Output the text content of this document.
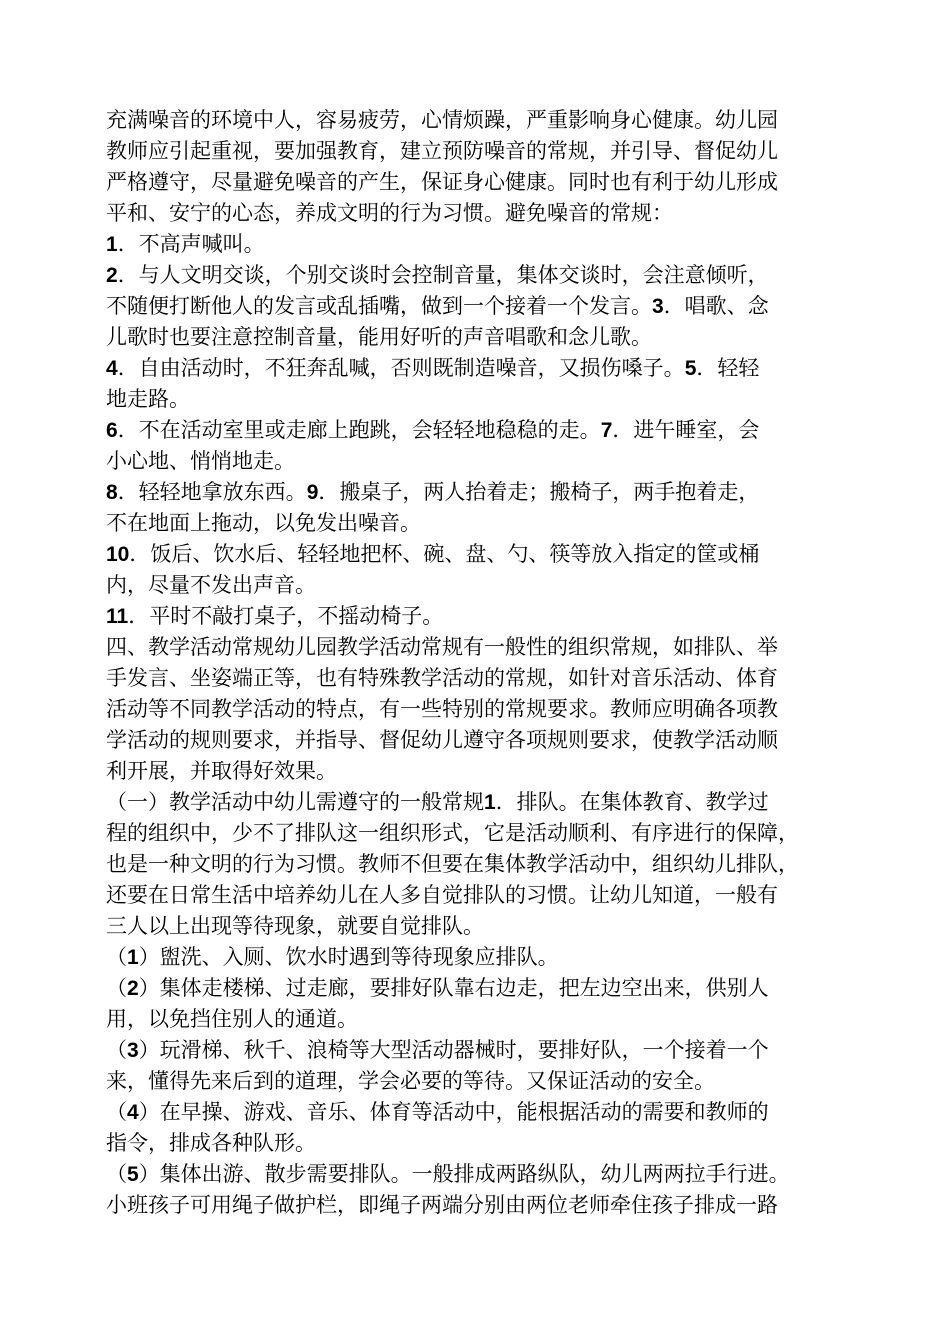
充满噪音的环境中人，容易疲劳，心情烦躁，严重影响身心健康。幼儿园
教师应引起重视，要加强教育，建立预防噪音的常规，并引导、督促幼儿
严格遵守，尽量避免噪音的产生，保证身心健康。同时也有利于幼儿形成
平和、安宁的心态，养成文明的行为习惯。避免噪音的常规：

1．不高声喊叫。

2．与人文明交谈，个别交谈时会控制音量，集体交谈时，会注意倾听，
不随便打断他人的发言或乱插嘴，做到一个接着一个发言。3．唱歌、念
儿歌时也要注意控制音量，能用好听的声音唱歌和念儿歌。

4．自由活动时，不狂奔乱喊，否则既制造噪音，又损伤嗓子。5．轻轻
地走路。

6．不在活动室里或走廊上跑跳，会轻轻地稳稳的走。7．进午睡室，会
小心地、悄悄地走。

8．轻轻地拿放东西。9．搬桌子，两人抬着走；搬椅子，两手抱着走，
不在地面上拖动，以免发出噪音。

10．饭后、饮水后、轻轻地把杯、碗、盘、勺、筷等放入指定的筐或桶
内，尽量不发出声音。

11．平时不敲打桌子，不摇动椅子。

四、教学活动常规幼儿园教学活动常规有一般性的组织常规，如排队、举
手发言、坐姿端正等，也有特殊教学活动的常规，如针对音乐活动、体育
活动等不同教学活动的特点，有一些特别的常规要求。教师应明确各项教
学活动的规则要求，并指导、督促幼儿遵守各项规则要求，使教学活动顺
利开展，并取得好效果。

（一）教学活动中幼儿需遵守的一般常规1．排队。在集体教育、教学过
程的组织中，少不了排队这一组织形式，它是活动顺利、有序进行的保障，
也是一种文明的行为习惯。教师不但要在集体教学活动中，组织幼儿排队，
还要在日常生活中培养幼儿在人多自觉排队的习惯。让幼儿知道，一般有
三人以上出现等待现象，就要自觉排队。

（1）盥洗、入厕、饮水时遇到等待现象应排队。

（2）集体走楼梯、过走廊，要排好队靠右边走，把左边空出来，供别人
用，以免挡住别人的通道。

（3）玩滑梯、秋千、浪椅等大型活动器械时，要排好队，一个接着一个
来，懂得先来后到的道理，学会必要的等待。又保证活动的安全。

（4）在早操、游戏、音乐、体育等活动中，能根据活动的需要和教师的
指令，排成各种队形。

（5）集体出游、散步需要排队。一般排成两路纵队，幼儿两两拉手行进。
小班孩子可用绳子做护栏，即绳子两端分别由两位老师牵住孩子排成一路
